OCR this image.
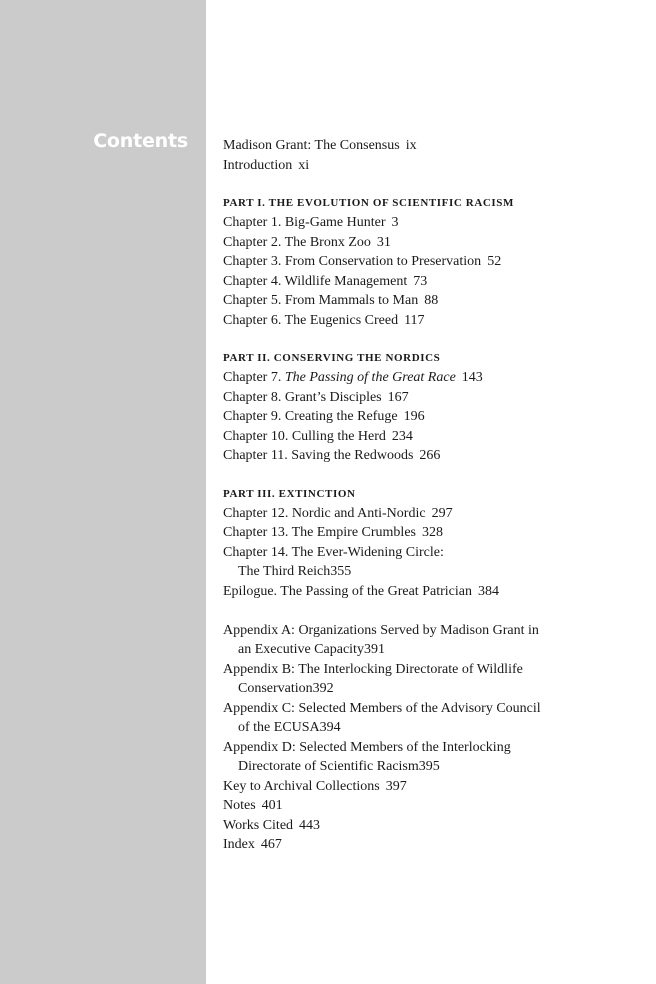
Contents	Madison Grant: The Consensus ix
Introduction xi
PART I. THE EVOLUTION OF SCIENTIFIC RACISM
Chapter 1. Big-Game Hunter 3
Chapter 2. The Bronx Zoo 31
Chapter 3. From Conservation to Preservation 52
Chapter 4. Wildlife Management 73
Chapter 5. From Mammals to Man 88
Chapter 6. The Eugenics Creed 117
PART II. CONSERVING THE NORDICS
Chapter 7. The Passing of the Great Race 143
Chapter 8. Grant’s Disciples 167
Chapter 9. Creating the Refuge 196
Chapter 10. Culling the Herd 234
Chapter 11. Saving the Redwoods 266
PART III. EXTINCTION
Chapter 12. Nordic and Anti-Nordic 297
Chapter 13. The Empire Crumbles 328
Chapter 14. The Ever-Widening Circle:
The Third Reich355
Epilogue. The Passing of the Great Patrician 384
Appendix A: Organizations Served by Madison Grant in
an Executive Capacity391
Appendix B: The Interlocking Directorate of Wildlife
Conservation392
Appendix C: Selected Members of the Advisory Council
of the ECUSA394
Appendix D: Selected Members of the Interlocking
Directorate of Scientific Racism395
Key to Archival Collections 397
Notes 401
Works Cited 443
Index 467
